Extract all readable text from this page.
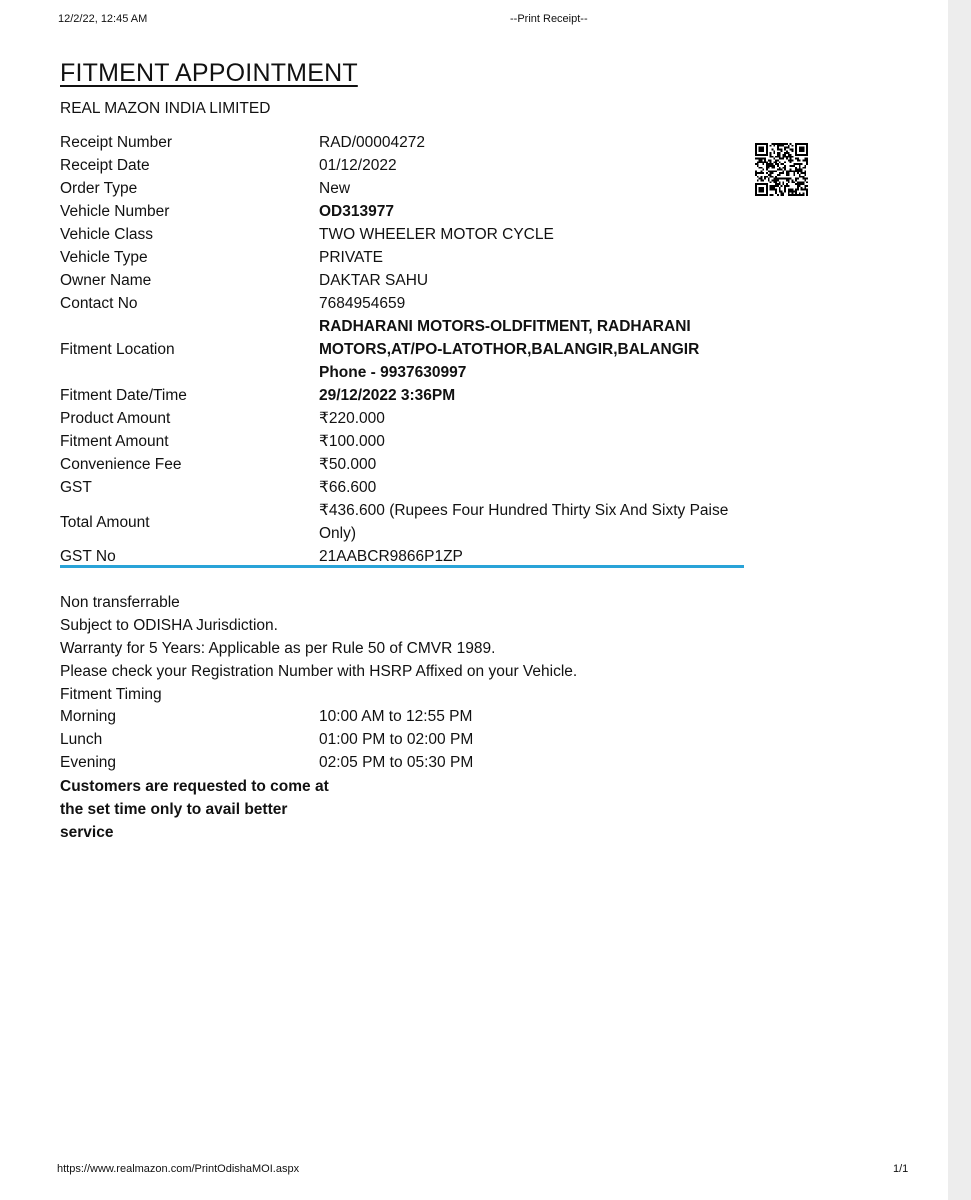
12/2/22, 12:45 AM	--Print Receipt--
FITMENT APPOINTMENT
REAL MAZON INDIA LIMITED
Receipt Number	RAD/00004272
Receipt Date	01/12/2022
Order Type	New
Vehicle Number	OD313977
Vehicle Class	TWO WHEELER MOTOR CYCLE
Vehicle Type	PRIVATE
Owner Name	DAKTAR SAHU
Contact No	7684954659
Fitment Location	RADHARANI MOTORS-OLDFITMENT, RADHARANI MOTORS,AT/PO-LATOTHOR,BALANGIR,BALANGIR
Phone - 9937630997

Fitment Date/Time	29/12/2022 3:36PM
Product Amount	₹220.000
Fitment Amount	₹100.000
Convenience Fee	₹50.000
GST	₹66.600
Total Amount	₹436.600 (Rupees Four Hundred Thirty Six And Sixty Paise Only)
GST No	21AABCR9866P1ZP
Non transferrable
Subject to ODISHA Jurisdiction.
Warranty for 5 Years: Applicable as per Rule 50 of CMVR 1989.
Please check your Registration Number with HSRP Affixed on your Vehicle.
Fitment Timing
Morning	10:00 AM to 12:55 PM
Lunch	01:00 PM to 02:00 PM
Evening	02:05 PM to 05:30 PM
Customers are requested to come at the set time only to avail better service
https://www.realmazon.com/PrintOdishaMOI.aspx	1/1
